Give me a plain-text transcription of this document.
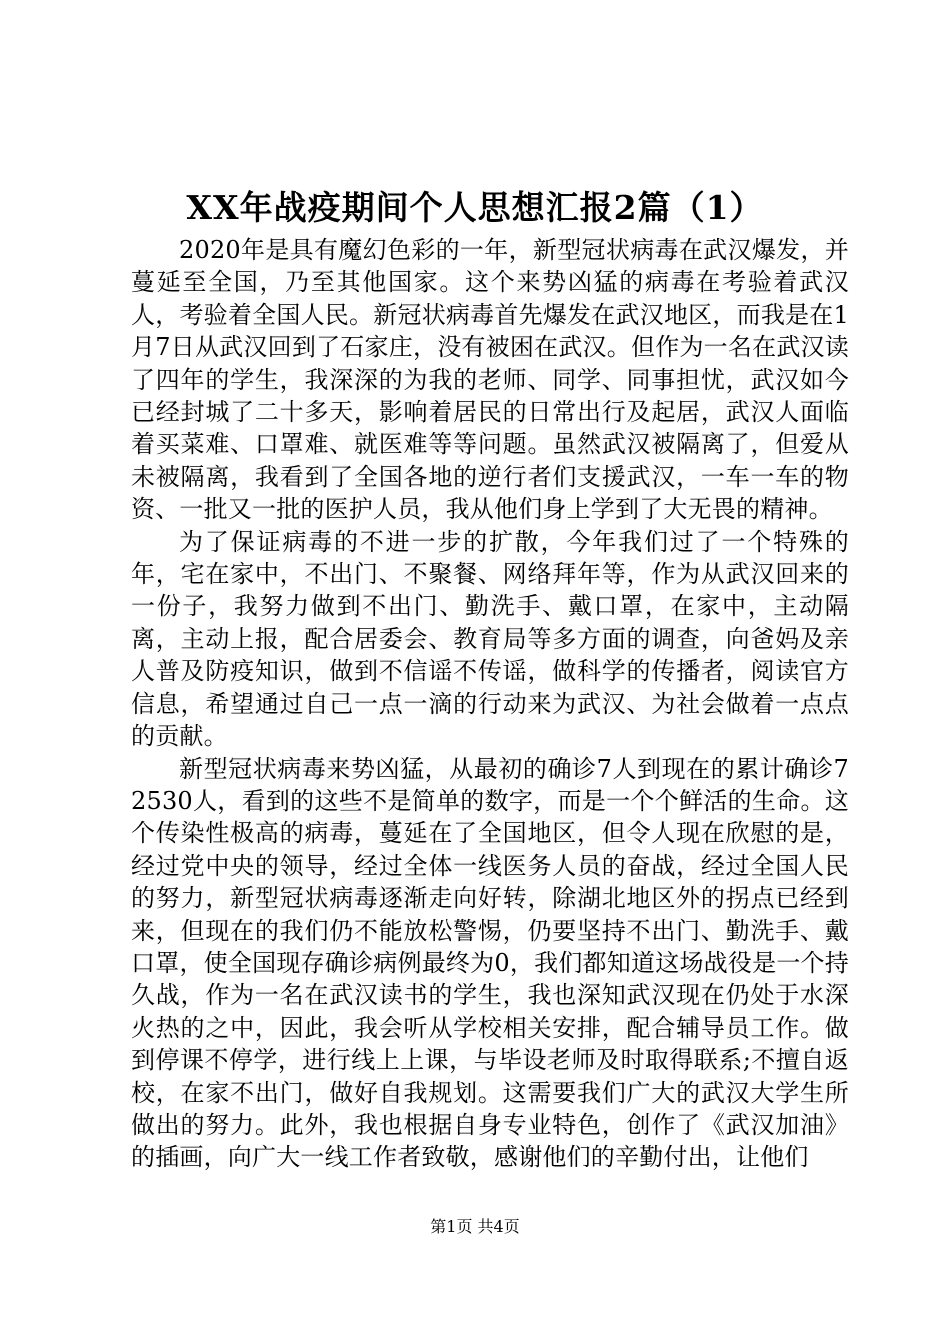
XX年战疫期间个人思想汇报2篇（1）

2020年是具有魔幻色彩的一年，新型冠状病毒在武汉爆发，并蔓延至全国，乃至其他国家。这个来势凶猛的病毒在考验着武汉人，考验着全国人民。新冠状病毒首先爆发在武汉地区，而我是在1月7日从武汉回到了石家庄，没有被困在武汉。但作为一名在武汉读了四年的学生，我深深的为我的老师、同学、同事担忧，武汉如今已经封城了二十多天，影响着居民的日常出行及起居，武汉人面临着买菜难、口罩难、就医难等等问题。虽然武汉被隔离了，但爱从未被隔离，我看到了全国各地的逆行者们支援武汉，一车一车的物资、一批又一批的医护人员，我从他们身上学到了大无畏的精神。

为了保证病毒的不进一步的扩散，今年我们过了一个特殊的年，宅在家中，不出门、不聚餐、网络拜年等，作为从武汉回来的一份子，我努力做到不出门、勤洗手、戴口罩，在家中，主动隔离，主动上报，配合居委会、教育局等多方面的调查，向爸妈及亲人普及防疫知识，做到不信谣不传谣，做科学的传播者，阅读官方信息，希望通过自己一点一滴的行动来为武汉、为社会做着一点点的贡献。

新型冠状病毒来势凶猛，从最初的确诊7人到现在的累计确诊72530人，看到的这些不是简单的数字，而是一个个鲜活的生命。这个传染性极高的病毒，蔓延在了全国地区，但令人现在欣慰的是，经过党中央的领导，经过全体一线医务人员的奋战，经过全国人民的努力，新型冠状病毒逐渐走向好转，除湖北地区外的拐点已经到来，但现在的我们仍不能放松警惕，仍要坚持不出门、勤洗手、戴口罩，使全国现存确诊病例最终为0，我们都知道这场战役是一个持久战，作为一名在武汉读书的学生，我也深知武汉现在仍处于水深火热的之中，因此，我会听从学校相关安排，配合辅导员工作。做到停课不停学，进行线上上课，与毕设老师及时取得联系;不擅自返校，在家不出门，做好自我规划。这需要我们广大的武汉大学生所做出的努力。此外，我也根据自身专业特色，创作了《武汉加油》的插画，向广大一线工作者致敬，感谢他们的辛勤付出，让他们

第1页 共4页
